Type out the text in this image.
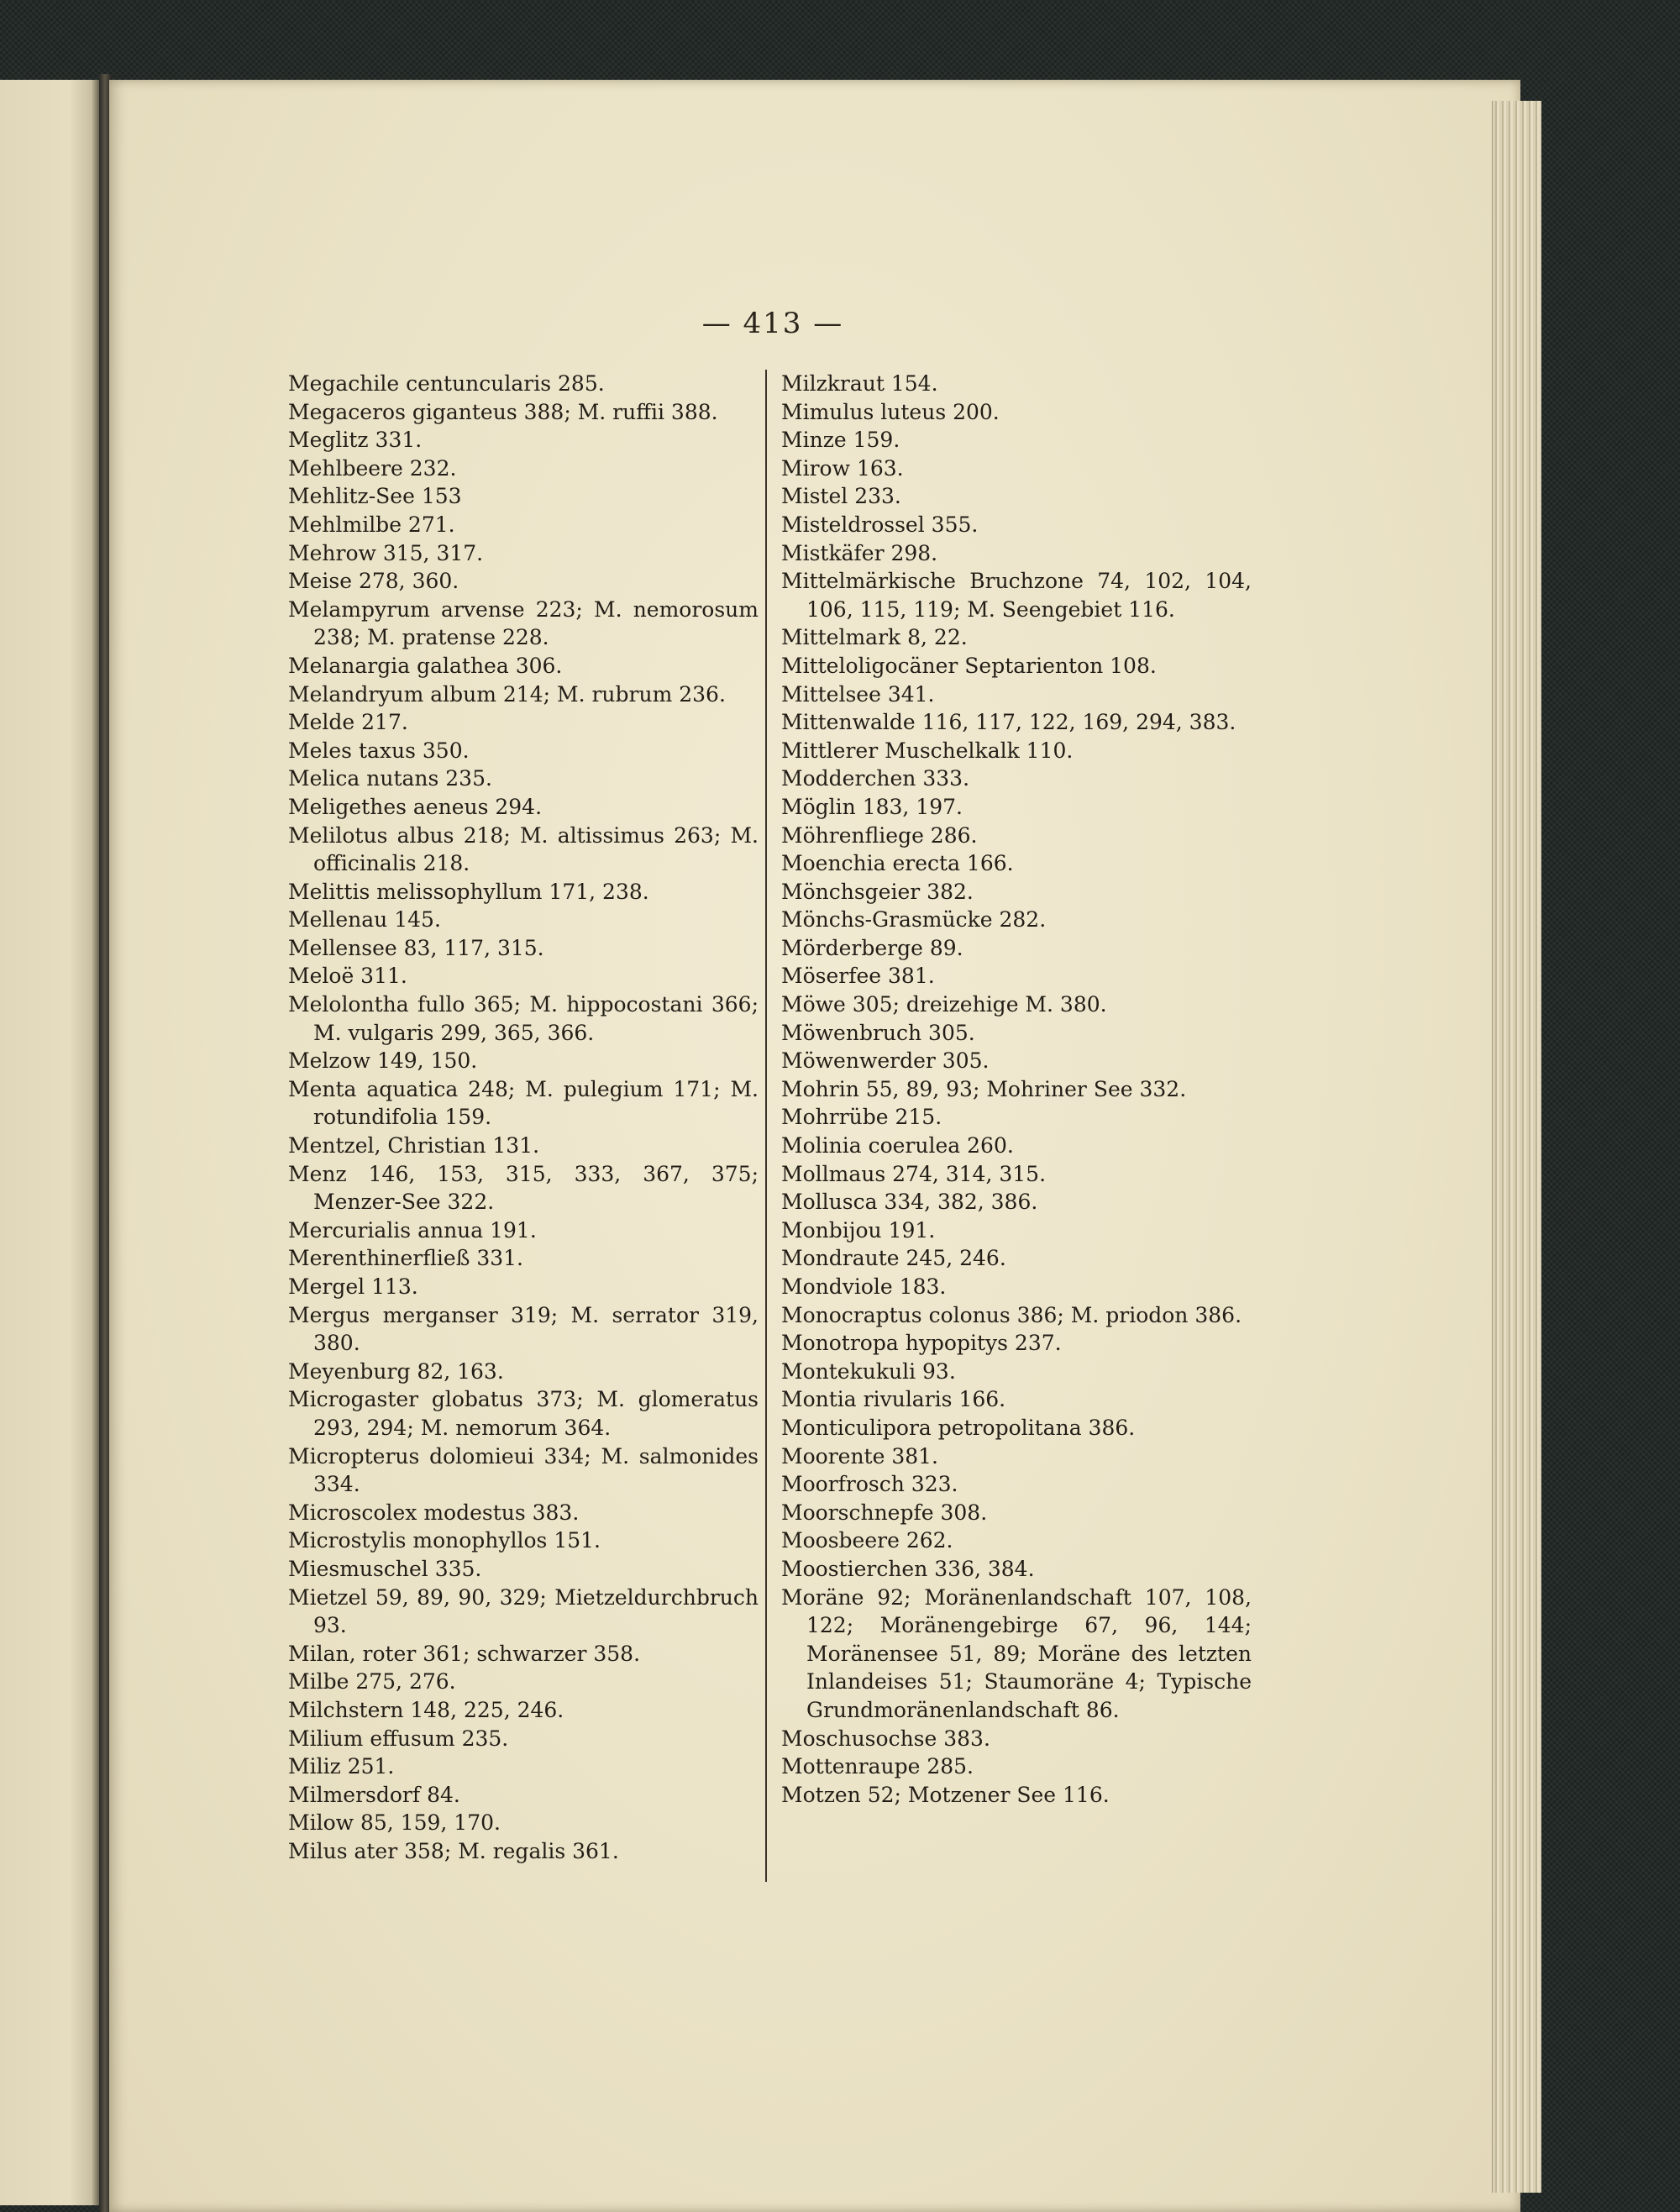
— 413 —
Megachile centuncularis 285.
Megaceros giganteus 388; M. ruffii 388.
Meglitz 331.
Mehlbeere 232.
Mehlitz-See 153
Mehlmilbe 271.
Mehrow 315, 317.
Meise 278, 360.
Melampyrum arvense 223; M. nemorosum 238; M. pratense 228.
Melanargia galathea 306.
Melandryum album 214; M. rubrum 236.
Melde 217.
Meles taxus 350.
Melica nutans 235.
Meligethes aeneus 294.
Melilotus albus 218; M. altissimus 263; M. officinalis 218.
Melittis melissophyllum 171, 238.
Mellenau 145.
Mellensee 83, 117, 315.
Meloë 311.
Melolontha fullo 365; M. hippocostani 366; M. vulgaris 299, 365, 366.
Melzow 149, 150.
Menta aquatica 248; M. pulegium 171; M. rotundifolia 159.
Mentzel, Christian 131.
Menz 146, 153, 315, 333, 367, 375; Menzer-See 322.
Mercurialis annua 191.
Merenthinerfließ 331.
Mergel 113.
Mergus merganser 319; M. serrator 319, 380.
Meyenburg 82, 163.
Microgaster globatus 373; M. glomeratus 293, 294; M. nemorum 364.
Micropterus dolomieui 334; M. salmonides 334.
Microscolex modestus 383.
Microstylis monophyllos 151.
Miesmuschel 335.
Mietzel 59, 89, 90, 329; Mietzeldurchbruch 93.
Milan, roter 361; schwarzer 358.
Milbe 275, 276.
Milchstern 148, 225, 246.
Milium effusum 235.
Miliz 251.
Milmersdorf 84.
Milow 85, 159, 170.
Milus ater 358; M. regalis 361.
Milzkraut 154.
Mimulus luteus 200.
Minze 159.
Mirow 163.
Mistel 233.
Misteldrossel 355.
Mistkäfer 298.
Mittelmärkische Bruchzone 74, 102, 104, 106, 115, 119; M. Seengebiet 116.
Mittelmark 8, 22.
Mitteloligocäner Septarienton 108.
Mittelsee 341.
Mittenwalde 116, 117, 122, 169, 294, 383.
Mittlerer Muschelkalk 110.
Modderchen 333.
Möglin 183, 197.
Möhrenfliege 286.
Moenchia erecta 166.
Mönchsgeier 382.
Mönchs-Grasmücke 282.
Mörderberge 89.
Möserfee 381.
Möwe 305; dreizehige M. 380.
Möwenbruch 305.
Möwenwerder 305.
Mohrin 55, 89, 93; Mohriner See 332.
Mohrrübe 215.
Molinia coerulea 260.
Mollmaus 274, 314, 315.
Mollusca 334, 382, 386.
Monbijou 191.
Mondraute 245, 246.
Mondviole 183.
Monocraptus colonus 386; M. priodon 386.
Monotropa hypopitys 237.
Montekukuli 93.
Montia rivularis 166.
Monticulipora petropolitana 386.
Moorente 381.
Moorfrosch 323.
Moorschnepfe 308.
Moosbeere 262.
Moostierchen 336, 384.
Moräne 92; Moränenlandschaft 107, 108, 122; Moränengebirge 67, 96, 144; Moränensee 51, 89; Moräne des letzten Inlandeises 51; Staumoräne 4; Typische Grundmoränenlandschaft 86.
Moschusochse 383.
Mottenraupe 285.
Motzen 52; Motzener See 116.
